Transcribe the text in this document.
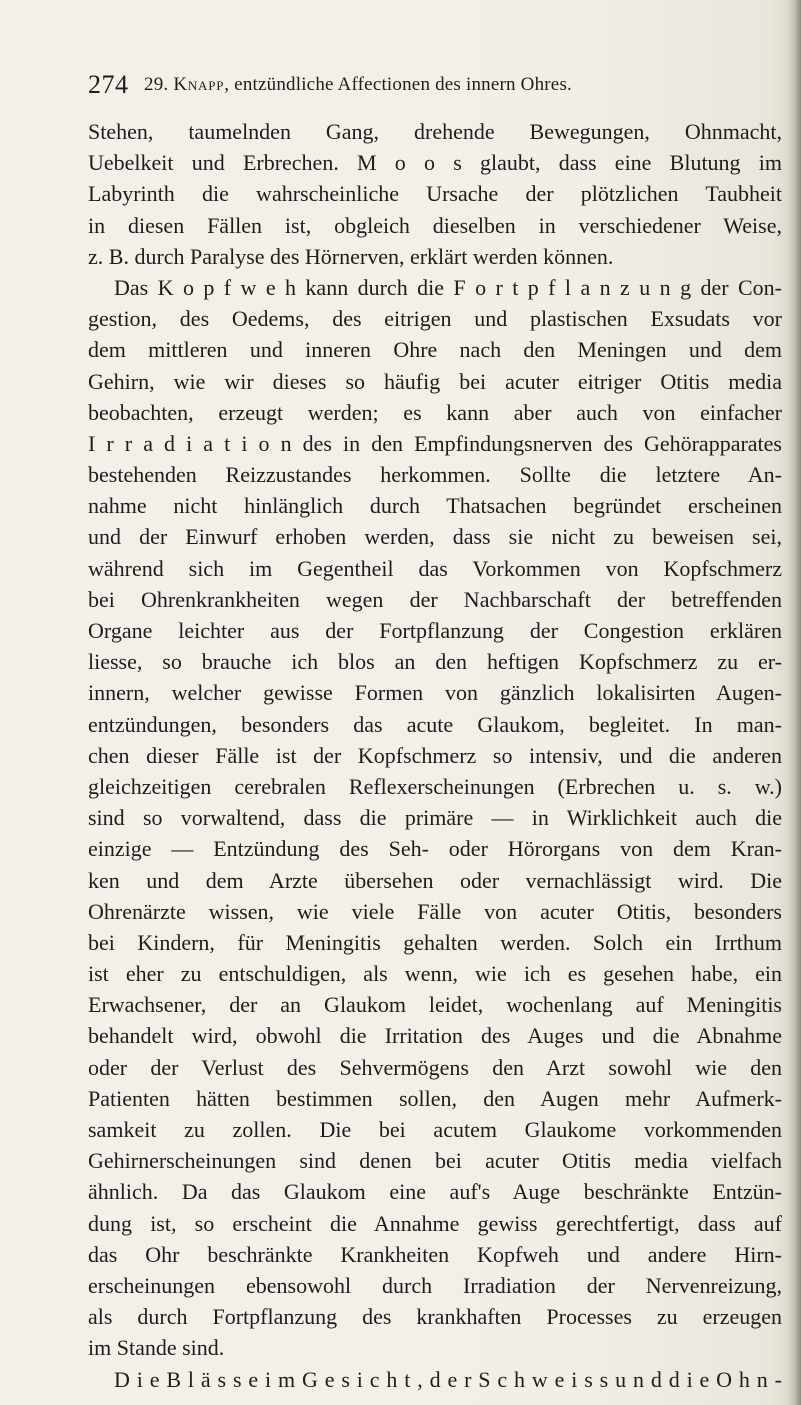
274 29. Knapp, entzündliche Affectionen des innern Ohres.
Stehen, taumelnden Gang, drehende Bewegungen, Ohnmacht,
Uebelkeit und Erbrechen. M o o s glaubt, dass eine Blutung im
Labyrinth die wahrscheinliche Ursache der plötzlichen Taubheit
in diesen Fällen ist, obgleich dieselben in verschiedener Weise,
z. B. durch Paralyse des Hörnerven, erklärt werden können.
Das K o p f w e h kann durch die F o r t p f l a n z u n g der Con-
gestion, des Oedems, des eitrigen und plastischen Exsudats vor
dem mittleren und inneren Ohre nach den Meningen und dem
Gehirn, wie wir dieses so häufig bei acuter eitriger Otitis media
beobachten, erzeugt werden; es kann aber auch von einfacher
I r r a d i a t i o n des in den Empfindungsnerven des Gehörapparates
bestehenden Reizzustandes herkommen. Sollte die letztere An-
nahme nicht hinlänglich durch Thatsachen begründet erscheinen
und der Einwurf erhoben werden, dass sie nicht zu beweisen sei,
während sich im Gegentheil das Vorkommen von Kopfschmerz
bei Ohrenkrankheiten wegen der Nachbarschaft der betreffenden
Organe leichter aus der Fortpflanzung der Congestion erklären
liesse, so brauche ich blos an den heftigen Kopfschmerz zu er-
innern, welcher gewisse Formen von gänzlich lokalisirten Augen-
entzündungen, besonders das acute Glaukom, begleitet. In man-
chen dieser Fälle ist der Kopfschmerz so intensiv, und die anderen
gleichzeitigen cerebralen Reflexerscheinungen (Erbrechen u. s. w.)
sind so vorwaltend, dass die primäre — in Wirklichkeit auch die
einzige — Entzündung des Seh- oder Hörorgans von dem Kran-
ken und dem Arzte übersehen oder vernachlässigt wird. Die
Ohrenärzte wissen, wie viele Fälle von acuter Otitis, besonders
bei Kindern, für Meningitis gehalten werden. Solch ein Irrthum
ist eher zu entschuldigen, als wenn, wie ich es gesehen habe, ein
Erwachsener, der an Glaukom leidet, wochenlang auf Meningitis
behandelt wird, obwohl die Irritation des Auges und die Abnahme
oder der Verlust des Sehvermögens den Arzt sowohl wie den
Patienten hätten bestimmen sollen, den Augen mehr Aufmerk-
samkeit zu zollen. Die bei acutem Glaukome vorkommenden
Gehirnerscheinungen sind denen bei acuter Otitis media vielfach
ähnlich. Da das Glaukom eine auf's Auge beschränkte Entzün-
dung ist, so erscheint die Annahme gewiss gerechtfertigt, dass auf
das Ohr beschränkte Krankheiten Kopfweh und andere Hirn-
erscheinungen ebensowohl durch Irradiation der Nervenreizung,
als durch Fortpflanzung des krankhaften Processes zu erzeugen
im Stande sind.
D i e B l ä s s e i m G e s i c h t , d e r S c h w e i s s u n d d i e O h n -
